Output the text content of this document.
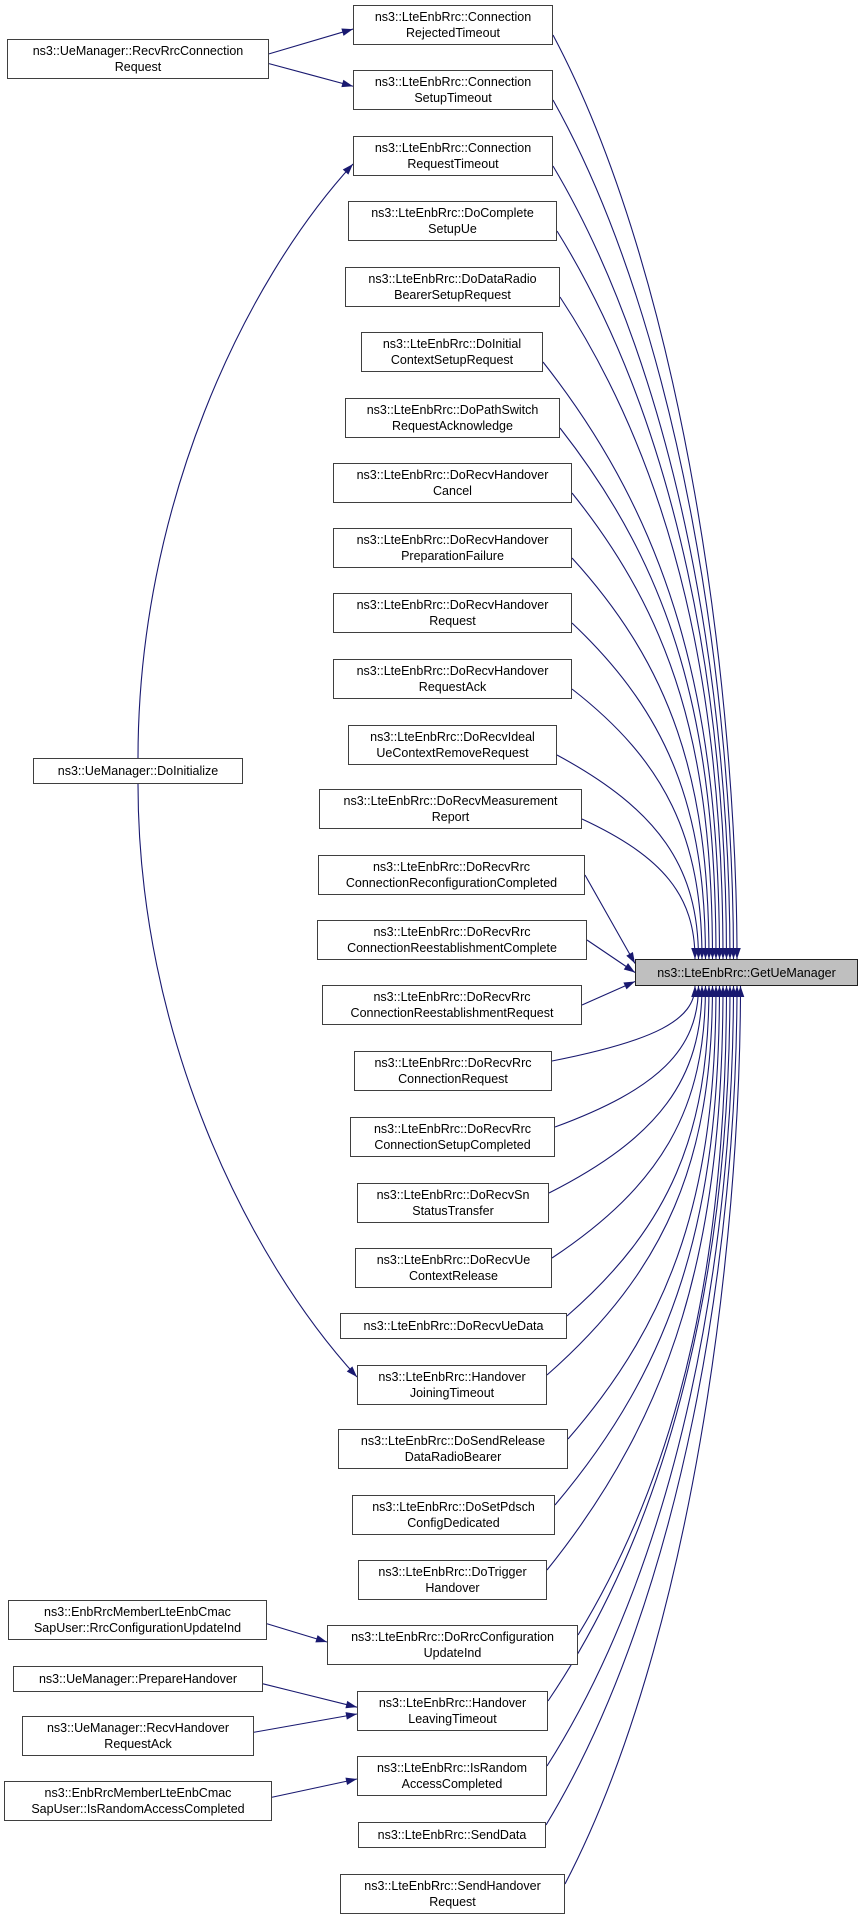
ns3::UeManager::RecvRrcConnection
Request
ns3::UeManager::DoInitialize
ns3::EnbRrcMemberLteEnbCmac
SapUser::RrcConfigurationUpdateInd
ns3::UeManager::PrepareHandover
ns3::UeManager::RecvHandover
RequestAck
ns3::EnbRrcMemberLteEnbCmac
SapUser::IsRandomAccessCompleted
ns3::LteEnbRrc::Connection
RejectedTimeout
ns3::LteEnbRrc::Connection
SetupTimeout
ns3::LteEnbRrc::Connection
RequestTimeout
ns3::LteEnbRrc::DoComplete
SetupUe
ns3::LteEnbRrc::DoDataRadio
BearerSetupRequest
ns3::LteEnbRrc::DoInitial
ContextSetupRequest
ns3::LteEnbRrc::DoPathSwitch
RequestAcknowledge
ns3::LteEnbRrc::DoRecvHandover
Cancel
ns3::LteEnbRrc::DoRecvHandover
PreparationFailure
ns3::LteEnbRrc::DoRecvHandover
Request
ns3::LteEnbRrc::DoRecvHandover
RequestAck
ns3::LteEnbRrc::DoRecvIdeal
UeContextRemoveRequest
ns3::LteEnbRrc::DoRecvMeasurement
Report
ns3::LteEnbRrc::DoRecvRrc
ConnectionReconfigurationCompleted
ns3::LteEnbRrc::DoRecvRrc
ConnectionReestablishmentComplete
ns3::LteEnbRrc::DoRecvRrc
ConnectionReestablishmentRequest
ns3::LteEnbRrc::DoRecvRrc
ConnectionRequest
ns3::LteEnbRrc::DoRecvRrc
ConnectionSetupCompleted
ns3::LteEnbRrc::DoRecvSn
StatusTransfer
ns3::LteEnbRrc::DoRecvUe
ContextRelease
ns3::LteEnbRrc::DoRecvUeData
ns3::LteEnbRrc::Handover
JoiningTimeout
ns3::LteEnbRrc::DoSendRelease
DataRadioBearer
ns3::LteEnbRrc::DoSetPdsch
ConfigDedicated
ns3::LteEnbRrc::DoTrigger
Handover
ns3::LteEnbRrc::DoRrcConfiguration
UpdateInd
ns3::LteEnbRrc::Handover
LeavingTimeout
ns3::LteEnbRrc::IsRandom
AccessCompleted
ns3::LteEnbRrc::SendData
ns3::LteEnbRrc::SendHandover
Request
ns3::LteEnbRrc::GetUeManager
